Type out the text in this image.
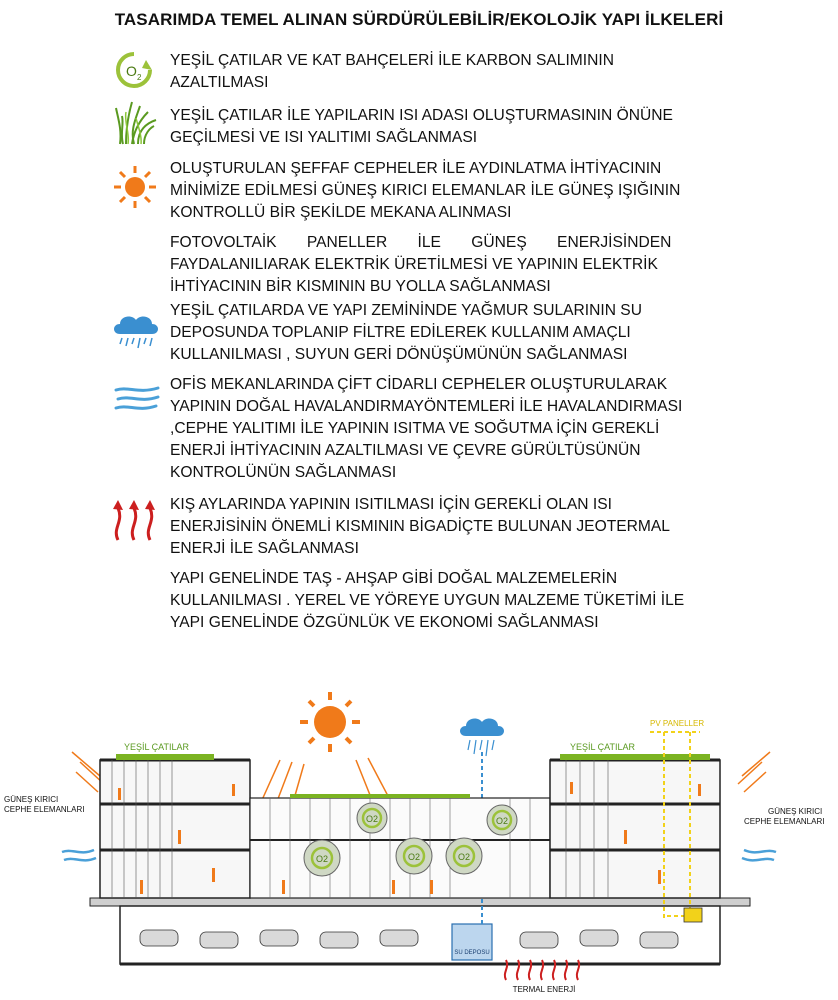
TASARIMDA TEMEL ALINAN SÜRDÜRÜLEBİLİR/EKOLOJİK YAPI İLKELERİ
O 2
YEŞİL ÇATILAR VE KAT BAHÇELERİ İLE KARBON SALIMININ
AZALTILMASI
YEŞİL ÇATILAR İLE YAPILARIN ISI ADASI OLUŞTURMASININ ÖNÜNE
GEÇİLMESİ VE ISI YALITIMI SAĞLANMASI
OLUŞTURULAN ŞEFFAF CEPHELER İLE AYDINLATMA İHTİYACININ
MİNİMİZE EDİLMESİ GÜNEŞ KIRICI ELEMANLAR İLE GÜNEŞ IŞIĞININ
KONTROLLÜ BİR ŞEKİLDE MEKANA ALINMASI
FOTOVOLTAİK       PANELLER       İLE       GÜNEŞ       ENERJİSİNDEN
FAYDALANILIARAK ELEKTRİK ÜRETİLMESİ VE YAPININ ELEKTRİK
İHTİYACININ BİR KISMININ BU YOLLA SAĞLANMASI
YEŞİL ÇATILARDA VE YAPI ZEMİNİNDE YAĞMUR SULARININ SU
DEPOSUNDA TOPLANIP FİLTRE EDİLEREK KULLANIM AMAÇLI
KULLANILMASI , SUYUN GERİ DÖNÜŞÜMÜNÜN SAĞLANMASI
OFİS MEKANLARINDA ÇİFT CİDARLI CEPHELER OLUŞTURULARAK
YAPININ DOĞAL HAVALANDIRMAYÖNTEMLERİ İLE HAVALANDIRMASI
,CEPHE YALITIMI İLE YAPININ ISITMA VE SOĞUTMA İÇİN GEREKLİ
ENERJİ İHTİYACININ AZALTILMASI VE ÇEVRE GÜRÜLTÜSÜNÜN
KONTROLÜNÜN SAĞLANMASI
KIŞ AYLARINDA YAPININ ISITILMASI İÇİN GEREKLİ OLAN ISI
ENERJİSİNİN ÖNEMLİ KISMININ BİGADİÇTE BULUNAN JEOTERMAL
ENERJİ İLE SAĞLANMASI
YAPI GENELİNDE TAŞ - AHŞAP GİBİ DOĞAL MALZEMELERİN
KULLANILMASI . YEREL VE YÖREYE UYGUN MALZEME TÜKETİMİ İLE
YAPI GENELİNDE ÖZGÜNLÜK VE EKONOMİ SAĞLANMASI
SU DEPOSU
O2	O2	O2
O2	O2
YEŞİL ÇATILAR	YEŞİL ÇATILAR
PV PANELLER
GÜNEŞ KIRICI
CEPHE ELEMANLARI	GÜNEŞ KIRICI
CEPHE ELEMANLARI
TERMAL ENERJİ
